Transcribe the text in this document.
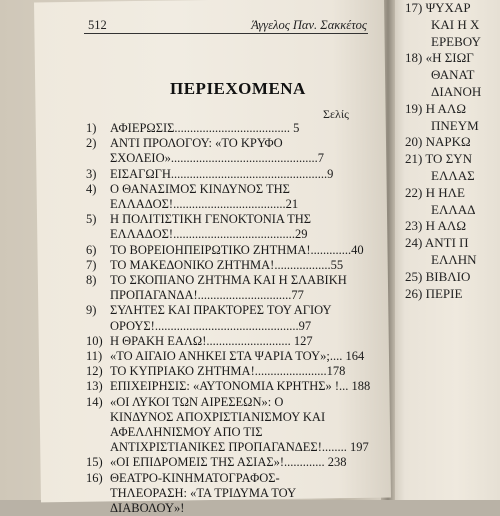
512	Άγγελος Παν. Σακκέτος
ΠΕΡΙΕΧΟΜΕΝΑ
Σελίς
1)	ΑΦΙΕΡΩΣΙΣ..................................... 5
2)	ΑΝΤΙ ΠΡΟΛΟΓΟΥ: «ΤΟ ΚΡΥΦΟ
ΣΧΟΛΕΙΟ»...............................................7
3)	ΕΙΣΑΓΩΓΗ..................................................9
4)	Ο ΘΑΝΑΣΙΜΟΣ ΚΙΝΔΥΝΟΣ ΤΗΣ
ΕΛΛΑΔΟΣ!....................................21
5)	Η ΠΟΛΙΤΙΣΤΙΚΗ ΓΕΝΟΚΤΟΝΙΑ ΤΗΣ
ΕΛΛΑΔΟΣ!.......................................29
6)	ΤΟ ΒΟΡΕΙΟΗΠΕΙΡΩΤΙΚΟ ΖΗΤΗΜΑ!.............40
7)	ΤΟ ΜΑΚΕΔΟΝΙΚΟ ΖΗΤΗΜΑ!..................55
8)	ΤΟ ΣΚΟΠΙΑΝΟ ΖΗΤΗΜΑ ΚΑΙ Η ΣΛΑΒΙΚΗ
ΠΡΟΠΑΓΑΝΔΑ!..............................77
9)	ΣΥΛΗΤΕΣ ΚΑΙ ΠΡΑΚΤΟΡΕΣ ΤΟΥ ΑΓΙΟΥ
ΟΡΟΥΣ!..............................................97
10) Η ΘΡΑΚΗ ΕΑΛΩ!........................... 127
11) «ΤΟ ΑΙΓΑΙΟ ΑΝΗΚΕΙ ΣΤΑ ΨΑΡΙΑ ΤΟΥ»;.... 164
12) ΤΟ ΚΥΠΡΙΑΚΟ ΖΗΤΗΜΑ!.......................178
13) ΕΠΙΧΕΙΡΗΣΙΣ: «ΑΥΤΟΝΟΜΙΑ ΚΡΗΤΗΣ» !... 188
14) «ΟΙ ΛΥΚΟΙ ΤΩΝ ΑΙΡΕΣΕΩΝ»: Ο
ΚΙΝΔΥΝΟΣ ΑΠΟΧΡΙΣΤΙΑΝΙΣΜΟΥ ΚΑΙ
ΑΦΕΛΛΗΝΙΣΜΟΥ ΑΠΟ ΤΙΣ
ΑΝΤΙΧΡΙΣΤΙΑΝΙΚΕΣ ΠΡΟΠΑΓΑΝΔΕΣ!........ 197
15) «ΟΙ ΕΠΙΔΡΟΜΕΙΣ ΤΗΣ ΑΣΙΑΣ»!............. 238
16) ΘΕΑΤΡΟ-ΚΙΝΗΜΑΤΟΓΡΑΦΟΣ-
ΤΗΛΕΟΡΑΣΗ: «ΤΑ ΤΡΙΔΥΜΑ ΤΟΥ
ΔΙΑΒΟΛΟΥ»!
17) ΨΥΧΑΡ
ΚΑΙ Η Χ
ΕΡΕΒΟΥ
18) «Η ΣΙΩΓ
ΘΑΝΑΤ
ΔΙΑΝΟΗ
19) Η ΑΛΩ
ΠΝΕΥΜ
20) ΝΑΡΚΩ
21) ΤΟ ΣΥΝ
ΕΛΛΑΣ
22) Η ΗΛΕ
ΕΛΛΑΔ
23) Η ΑΛΩ
24) ΑΝΤΙ Π
ΕΛΛΗΝ
25) ΒΙΒΛΙΟ
26) ΠΕΡΙΕ
